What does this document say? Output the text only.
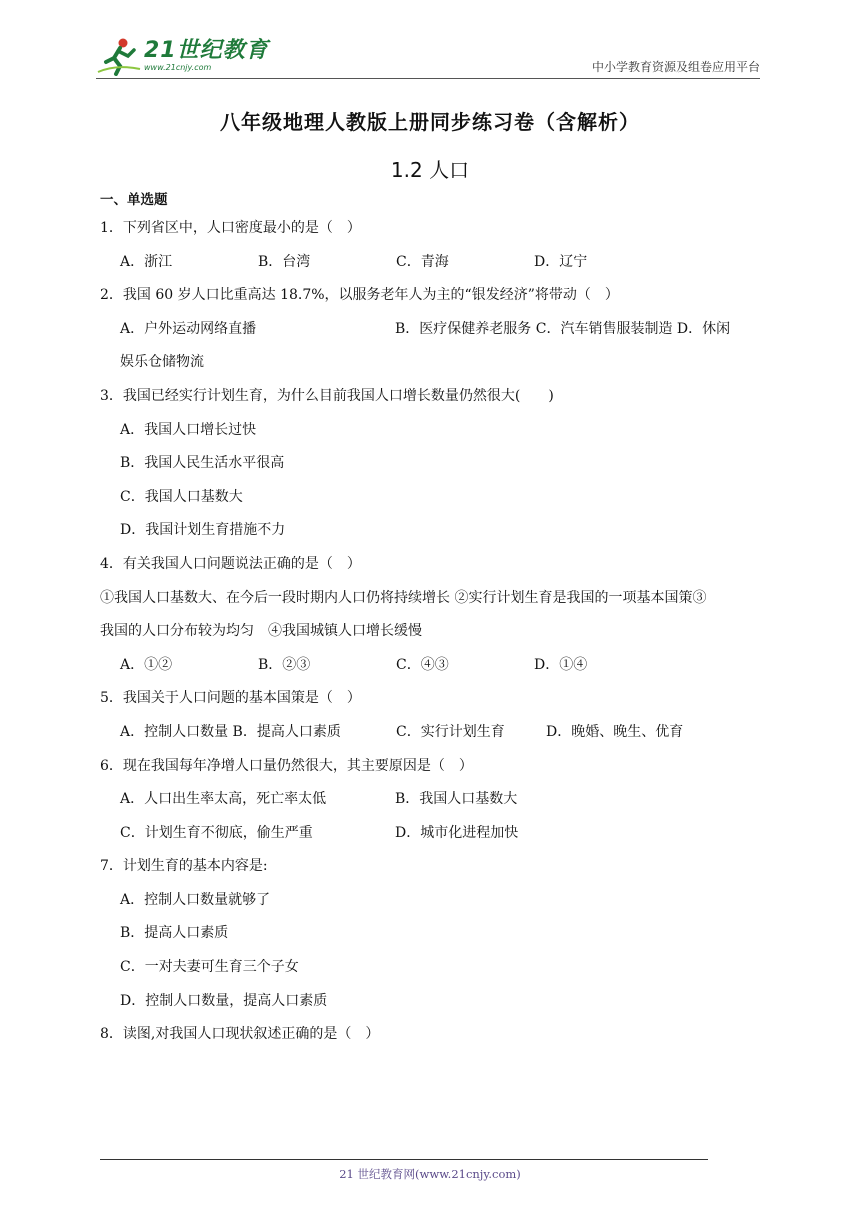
21世纪教育
www.21cnjy.com	中小学教育资源及组卷应用平台
八年级地理人教版上册同步练习卷（含解析）
1.2 人口
一、单选题
1．下列省区中，人口密度最小的是（　）
A．浙江	B．台湾	C．青海	D．辽宁
2．我国 60 岁人口比重高达 18.7%，以服务老年人为主的“银发经济”将带动（　）
A．户外运动网络直播	B．医疗保健养老服务 C．汽车销售服装制造 D．休闲
娱乐仓储物流
3．我国已经实行计划生育，为什么目前我国人口增长数量仍然很大(　　)
A．我国人口增长过快
B．我国人民生活水平很高
C．我国人口基数大
D．我国计划生育措施不力
4．有关我国人口问题说法正确的是（　）
①我国人口基数大、在今后一段时期内人口仍将持续增长 ②实行计划生育是我国的一项基本国策③
我国的人口分布较为均匀　④我国城镇人口增长缓慢
A．①②	B．②③	C．④③	D．①④
5．我国关于人口问题的基本国策是（　）
A．控制人口数量 B．提高人口素质	C．实行计划生育	D．晚婚、晚生、优育
6．现在我国每年净增人口量仍然很大，其主要原因是（　）
A．人口出生率太高，死亡率太低	B．我国人口基数大
C．计划生育不彻底，偷生严重	D．城市化进程加快
7．计划生育的基本内容是:
A．控制人口数量就够了
B．提高人口素质
C．一对夫妻可生育三个子女
D．控制人口数量，提高人口素质
8．读图,对我国人口现状叙述正确的是（　）
21 世纪教育网(www.21cnjy.com)
